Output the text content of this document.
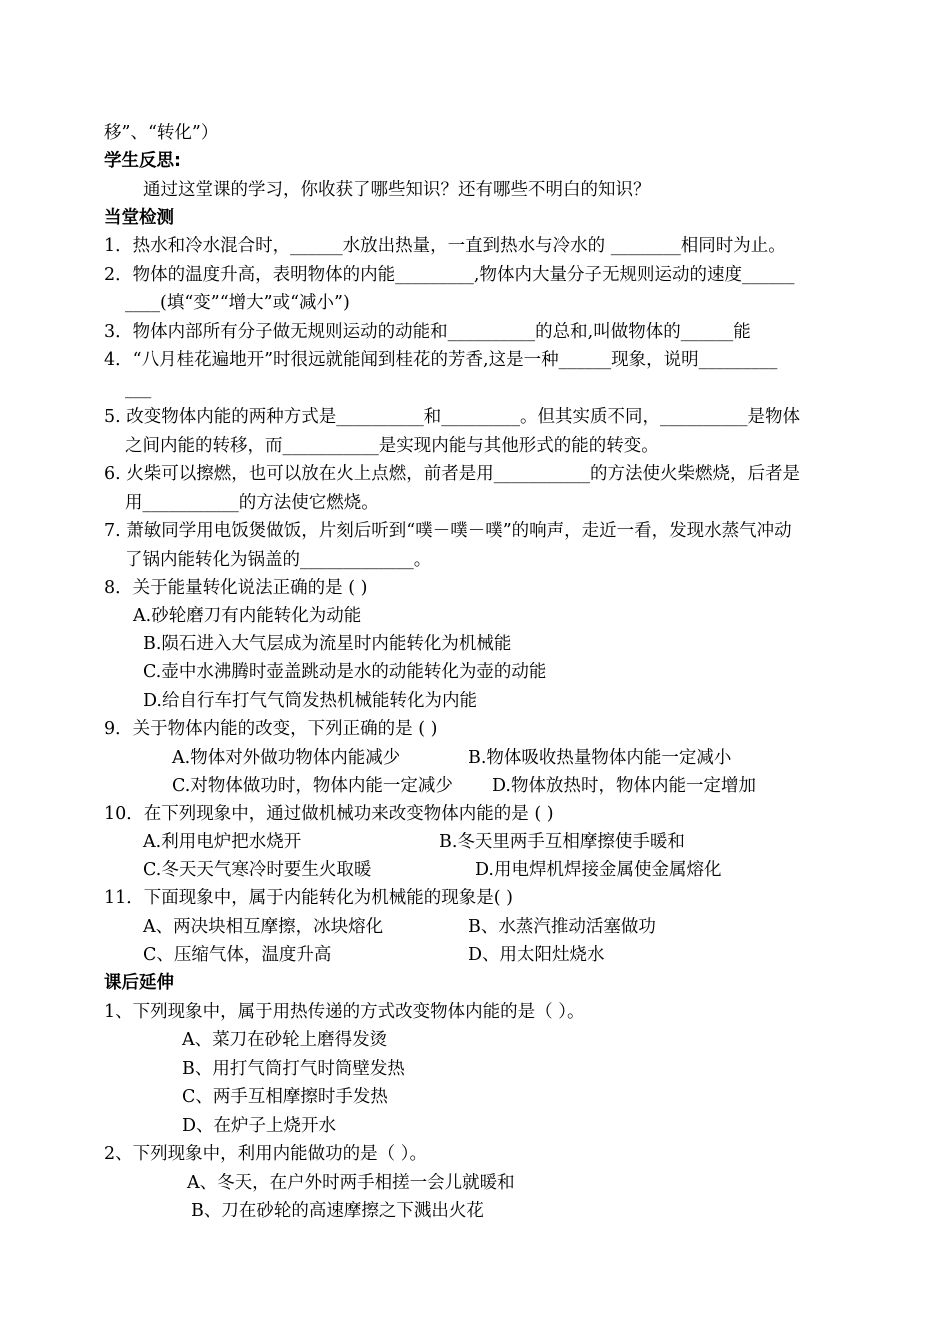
移”、“转化”）
学生反思:
通过这堂课的学习，你收获了哪些知识？还有哪些不明白的知识？
当堂检测
1．热水和冷水混合时，______水放出热量，一直到热水与冷水的 ________相同时为止。
2．物体的温度升高，表明物体的内能_________,物体内大量分子无规则运动的速度______
____(填“变”“增大”或“减小”)
3．物体内部所有分子做无规则运动的动能和__________的总和,叫做物体的______能
4．“八月桂花遍地开”时很远就能闻到桂花的芳香,这是一种______现象，说明_________
___
5. 改变物体内能的两种方式是__________和_________。但其实质不同，__________是物体
之间内能的转移，而___________是实现内能与其他形式的能的转变。
6. 火柴可以擦燃，也可以放在火上点燃，前者是用___________的方法使火柴燃烧，后者是
用___________的方法使它燃烧。
7. 萧敏同学用电饭煲做饭，片刻后听到“噗－噗－噗”的响声，走近一看，发现水蒸气冲动
了锅内能转化为锅盖的_____________。
8．关于能量转化说法正确的是 ( )
A.砂轮磨刀有内能转化为动能
B.陨石进入大气层成为流星时内能转化为机械能
C.壶中水沸腾时壶盖跳动是水的动能转化为壶的动能
D.给自行车打气气筒发热机械能转化为内能
9．关于物体内能的改变，下列正确的是 ( )
A.物体对外做功物体内能减少	B.物体吸收热量物体内能一定减小
C.对物体做功时，物体内能一定减少 D.物体放热时，物体内能一定增加
10．在下列现象中，通过做机械功来改变物体内能的是 ( )
A.利用电炉把水烧开	B.冬天里两手互相摩擦使手暖和
C.冬天天气寒冷时要生火取暖	D.用电焊机焊接金属使金属熔化
11．下面现象中，属于内能转化为机械能的现象是( )
A、两决块相互摩擦，冰块熔化	B、水蒸汽推动活塞做功
C、压缩气体，温度升高	D、用太阳灶烧水
课后延伸
1、下列现象中，属于用热传递的方式改变物体内能的是（ ）。
A、菜刀在砂轮上磨得发烫
B、用打气筒打气时筒壁发热
C、两手互相摩擦时手发热
D、在炉子上烧开水
2、下列现象中，利用内能做功的是（ ）。
A、冬天，在户外时两手相搓一会儿就暖和
B、刀在砂轮的高速摩擦之下溅出火花
